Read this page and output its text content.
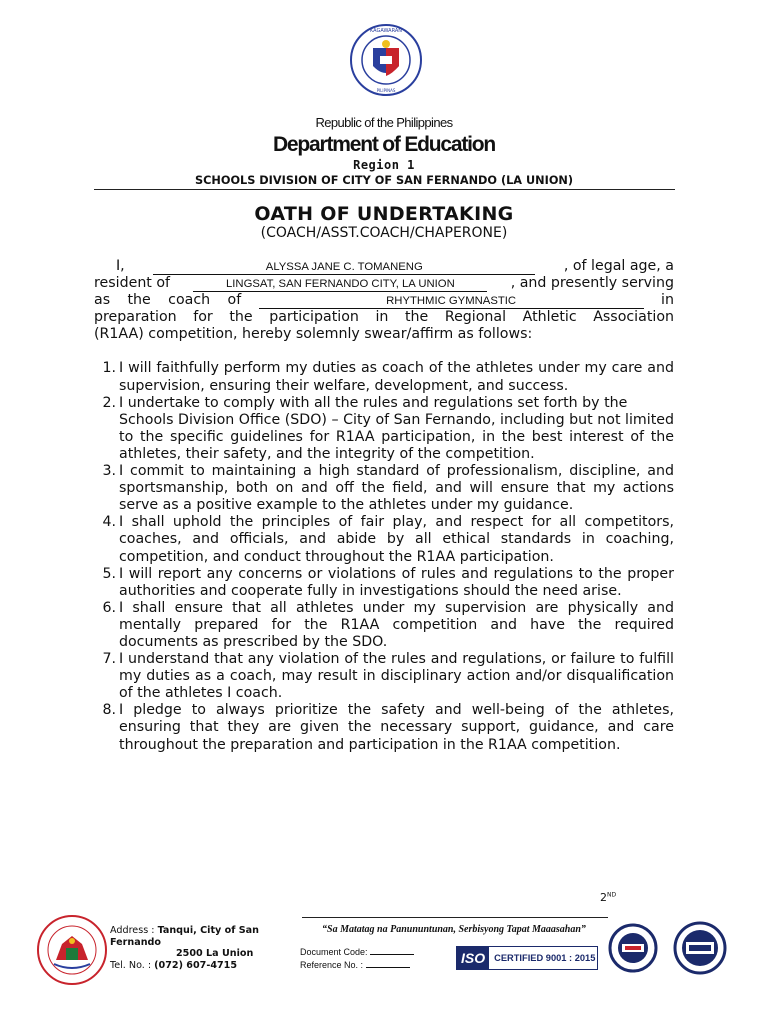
KAGAWARAN
PILIPINAS
Republic of the Philippines
Department of Education
Region 1
SCHOOLS DIVISION OF CITY OF SAN FERNANDO (LA UNION)
OATH OF UNDERTAKING
(COACH/ASST.COACH/CHAPERONE)
I,	ALYSSA JANE C. TOMANENG	, of legal age, a
resident of	LINGSAT, SAN FERNANDO CITY, LA UNION	, and presently serving
as the coach of	RHYTHMIC GYMNASTIC	in
preparation for the participation in the Regional Athletic Association
(R1AA) competition, hereby solemnly swear/affirm as follows:
1. I will faithfully perform my duties as coach of the athletes under my care and supervision, ensuring their welfare, development, and success.
2. I undertake to comply with all the rules and regulations set forth by the
Schools Division Office (SDO) – City of San Fernando, including but not limited to the specific guidelines for R1AA participation, in the best interest of the athletes, their safety, and the integrity of the competition.
3. I commit to maintaining a high standard of professionalism, discipline, and sportsmanship, both on and off the field, and will ensure that my actions serve as a positive example to the athletes under my guidance.
4. I shall uphold the principles of fair play, and respect for all competitors, coaches, and officials, and abide by all ethical standards in coaching, competition, and conduct throughout the R1AA participation.
5. I will report any concerns or violations of rules and regulations to the proper authorities and cooperate fully in investigations should the need arise.
6. I shall ensure that all athletes under my supervision are physically and mentally prepared for the R1AA competition and have the required documents as prescribed by the SDO.
7. I understand that any violation of the rules and regulations, or failure to fulfill my duties as a coach, may result in disciplinary action and/or disqualification of the athletes I coach.
8. I pledge to always prioritize the safety and well-being of the athletes, ensuring that they are given the necessary support, guidance, and care throughout the preparation and participation in the R1AA competition.
2ND
Address : Tanqui, City of San Fernando
2500 La Union
Tel. No. : (072) 607-4715
“Sa Matatag na Panununtunan, Serbisyong Tapat Maaasahan”
Document Code:
Reference No. :	ISO CERTIFIED 9001 : 2015
